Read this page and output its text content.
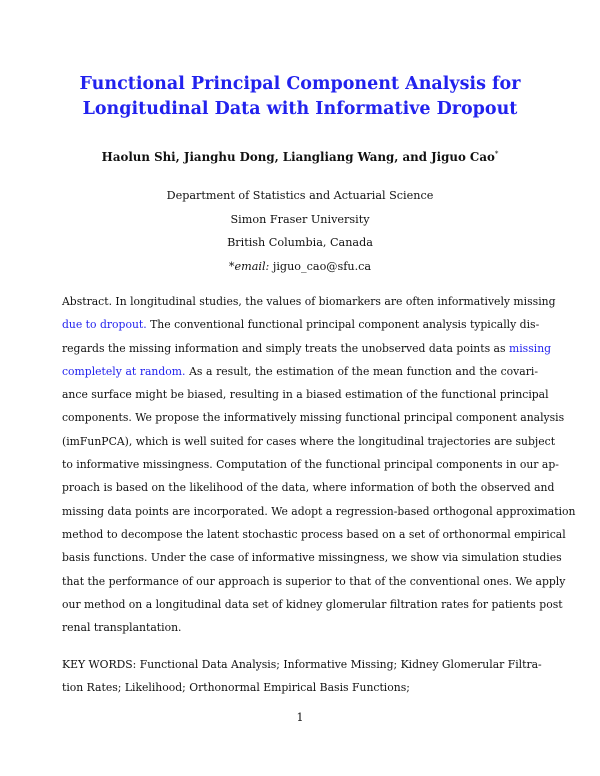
Functional Principal Component Analysis for
Longitudinal Data with Informative Dropout
Haolun Shi, Jianghu Dong, Liangliang Wang, and Jiguo Cao*
Department of Statistics and Actuarial Science
Simon Fraser University
British Columbia, Canada
*email: jiguo_cao@sfu.ca
Abstract. In longitudinal studies, the values of biomarkers are often informatively missing
due to dropout. The conventional functional principal component analysis typically dis-
regards the missing information and simply treats the unobserved data points as missing
completely at random. As a result, the estimation of the mean function and the covari-
ance surface might be biased, resulting in a biased estimation of the functional principal
components. We propose the informatively missing functional principal component analysis
(imFunPCA), which is well suited for cases where the longitudinal trajectories are subject
to informative missingness. Computation of the functional principal components in our ap-
proach is based on the likelihood of the data, where information of both the observed and
missing data points are incorporated. We adopt a regression-based orthogonal approximation
method to decompose the latent stochastic process based on a set of orthonormal empirical
basis functions. Under the case of informative missingness, we show via simulation studies
that the performance of our approach is superior to that of the conventional ones. We apply
our method on a longitudinal data set of kidney glomerular filtration rates for patients post
renal transplantation.
KEY WORDS: Functional Data Analysis; Informative Missing; Kidney Glomerular Filtra-
tion Rates; Likelihood; Orthonormal Empirical Basis Functions;
1
